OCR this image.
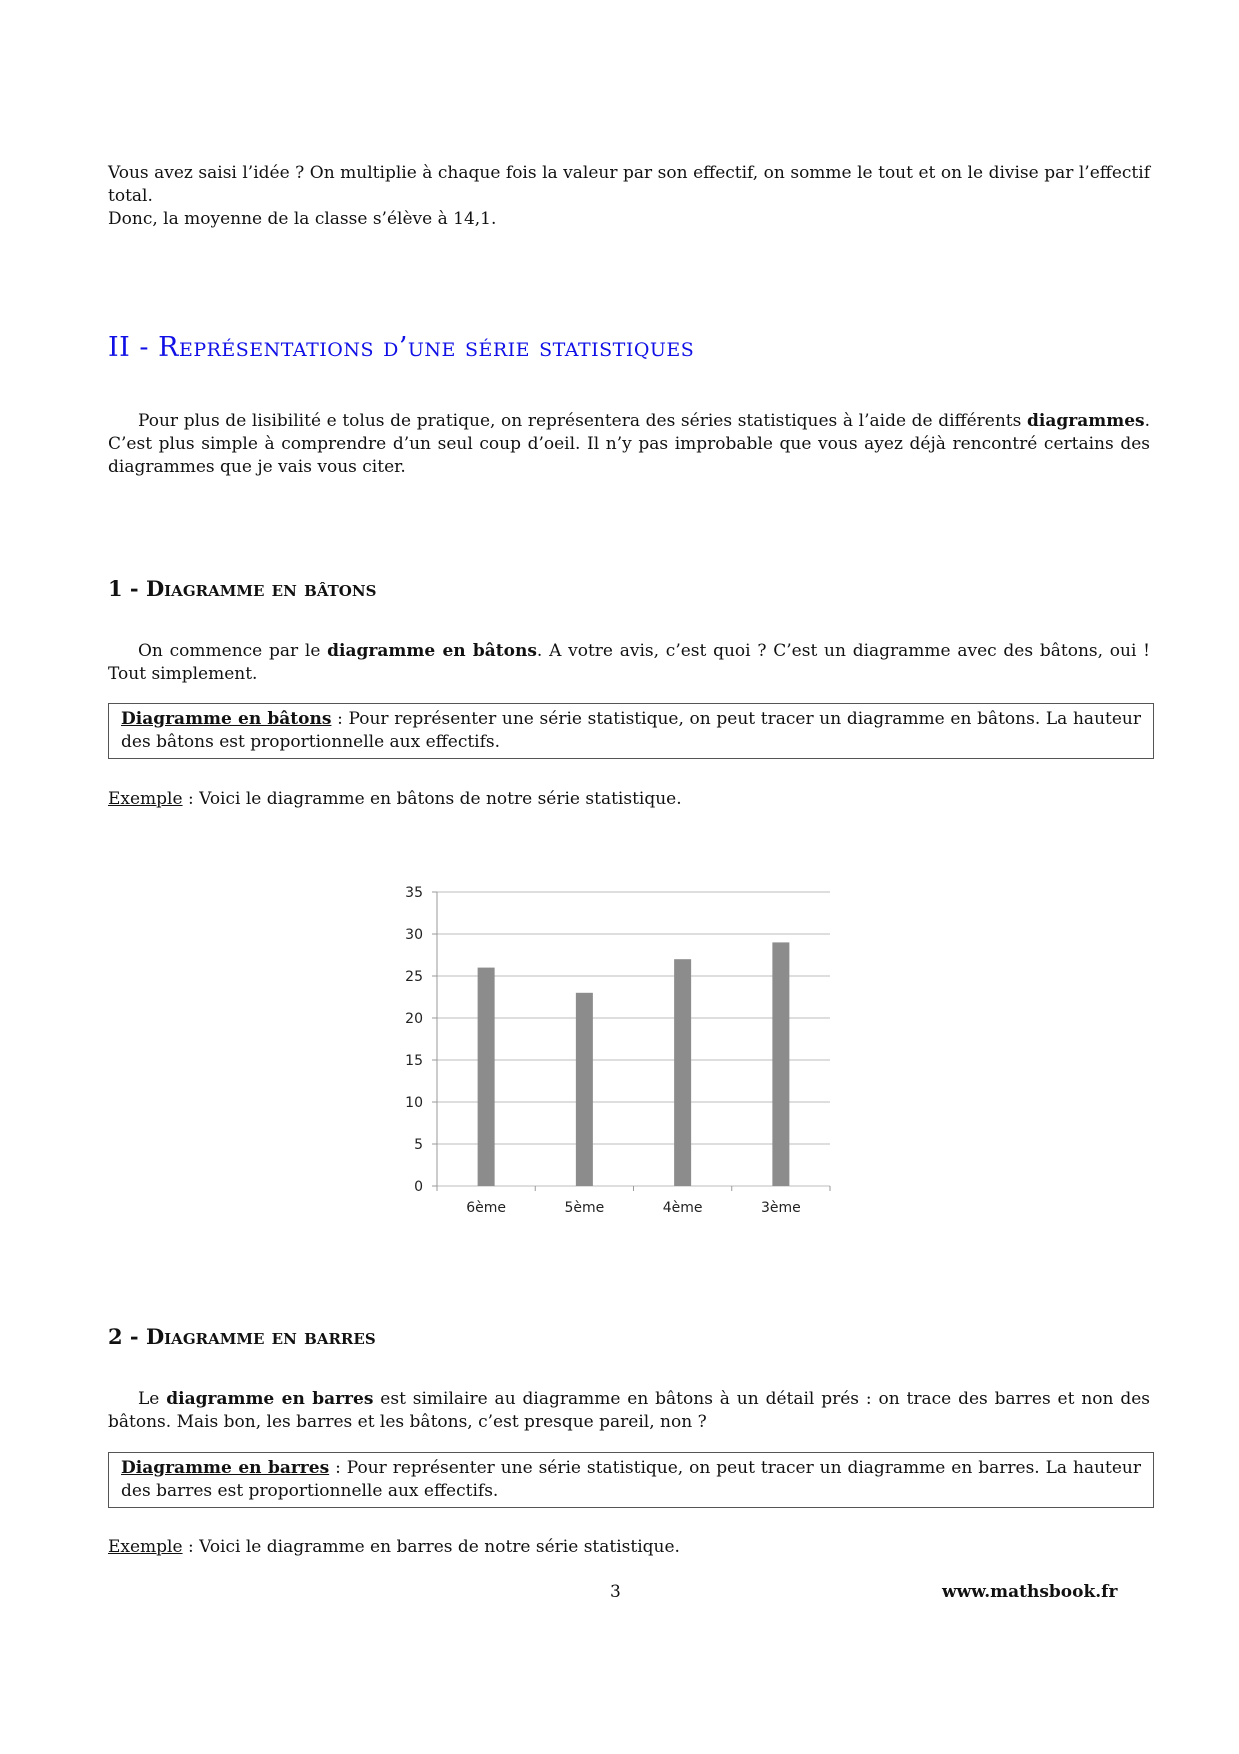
Vous avez saisi l’idée ? On multiplie à chaque fois la valeur par son effectif, on somme le tout et on le divise par l’effectif total.
Donc, la moyenne de la classe s’élève à 14,1.
II - Représentations d’une série statistiques
Pour plus de lisibilité e tolus de pratique, on représentera des séries statistiques à l’aide de différents diagrammes. C’est plus simple à comprendre d’un seul coup d’oeil. Il n’y pas improbable que vous ayez déjà rencontré certains des diagrammes que je vais vous citer.
1 - Diagramme en bâtons
On commence par le diagramme en bâtons. A votre avis, c’est quoi ? C’est un diagramme avec des bâtons, oui ! Tout simplement.
Diagramme en bâtons : Pour représenter une série statistique, on peut tracer un diagramme en bâtons. La hauteur des bâtons est proportionnelle aux effectifs.
Exemple : Voici le diagramme en bâtons de notre série statistique.
0
5
10
15
20
25
30
35
6ème	5ème	4ème	3ème
2 - Diagramme en barres
Le diagramme en barres est similaire au diagramme en bâtons à un détail prés : on trace des barres et non des bâtons. Mais bon, les barres et les bâtons, c’est presque pareil, non ?
Diagramme en barres : Pour représenter une série statistique, on peut tracer un diagramme en barres. La hauteur des barres est proportionnelle aux effectifs.
Exemple : Voici le diagramme en barres de notre série statistique.
3	www.mathsbook.fr
